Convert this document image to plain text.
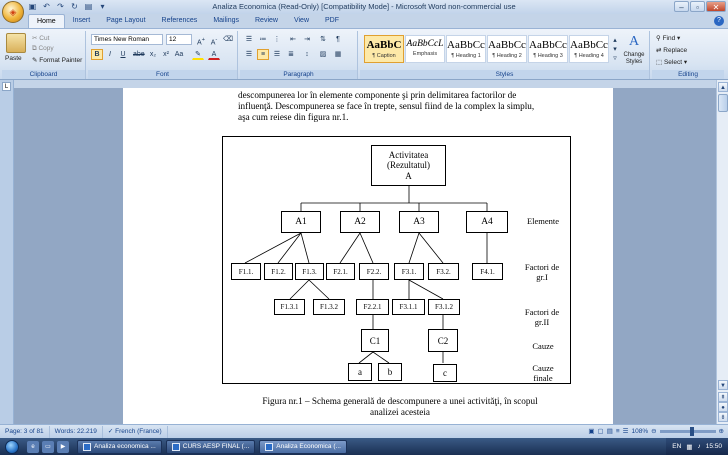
Analiza Economica (Read-Only) [Compatibility Mode] - Microsoft Word non-commercial use
◈ ▣ ↶ ↷ ↻ ▤	▾	–	▫	✕
Home	Insert	Page Layout	References	Mailings	Review	View	PDF	?
Paste
✂ Cut
⧉ Copy
✎ Format Painter
Clipboard
Times New Roman	12	A+ A- ⌫
B	I	U	abe x₂ x² Aa	✎	A
Font
☰	≔	⋮	⇤	⇥	⇅	¶
☰	≡	☰	≣	↕	▨	▦
Paragraph
AaBbC
¶ Caption
AaBbCcL
Emphasis
AaBbCc
¶ Heading 1
AaBbCc
¶ Heading 2
AaBbCc
¶ Heading 3
AaBbCc
¶ Heading 4
▴
▾
▿
A
Change Styles
Styles
⚲ Find ▾
⇄ Replace
⬚ Select ▾
Editing
L
descompunerea lor în elemente componente şi prin delimitarea factorilor de
influenţă. Descompunerea se face în trepte, sensul fiind de la complex la simplu,
aşa cum reiese din figura nr.1.
Activitatea
(Rezultatul)
A
A1	A2	A3	A4
F1.1.	F1.2.	F1.3.	F2.1.	F2.2.	F3.1.	F3.2.	F4.1.
F1.3.1	F1.3.2	F2.2.1	F3.1.1	F3.1.2
C1	C2
a	b	c
Elemente
Factori de
gr.I
Factori de
gr.II
Cauze
Cauze
finale
Figura nr.1 – Schema generală de descompunere a unei activităţi, în scopul
analizei acesteia
▲
▼
⇞
●
⇟
Page: 3 of 81	Words: 22.219	✓ French (France)	▣ ▢ ▤ ≡ ☰ 108% ⊖	⊕
e	▭	▶	Analiza economica ...	CURS AESP FINAL (...	Analiza Economica (...	EN ▦ ♪ 15:50
